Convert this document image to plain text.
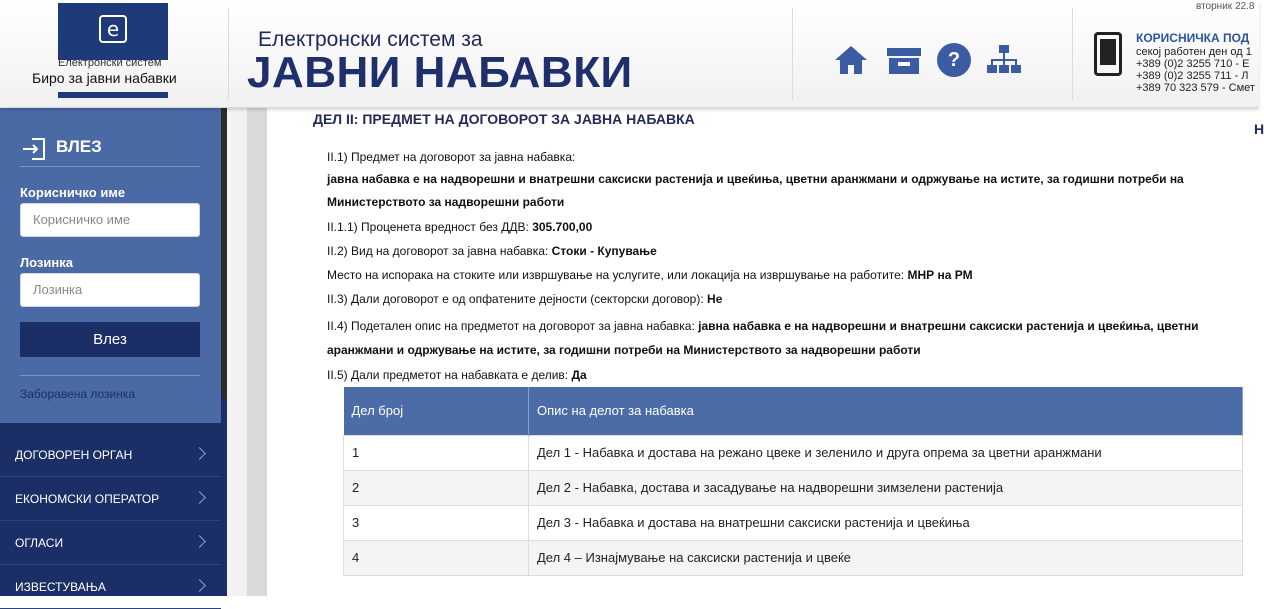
e
Електронски систем
Биро за јавни набавки
Електронски систем за
ЈАВНИ НАБАВКИ	?
вторник 22.8
КОРИСНИЧКА ПОД
секој работен ден од 1
+389 (0)2 3255 710 - Е
+389 (0)2 3255 711 - Л
+389 70 323 579 - Смет
ВЛЕЗ
Корисничко име
Корисничко име
Лозинка
Лозинка
Влез
Заборавена лозинка
ДОГОВОРЕН ОРГАН
ЕКОНОМСКИ ОПЕРАТОР
ОГЛАСИ
ИЗВЕСТУВАЊА
ДЕЛ II: ПРЕДМЕТ НА ДОГОВОРОТ ЗА ЈАВНА НАБАВКА
Н
II.1) Предмет на договорот за јавна набавка:
јавна набавка е на надворешни и внатрешни саксиски растенија и цвеќиња, цветни аранжмани и одржување на истите, за годишни потреби на
Министерството за надворешни работи
II.1.1) Проценета вредност без ДДВ: 305.700,00
II.2) Вид на договорот за јавна набавка: Стоки - Купување
Место на испорака на стоките или извршување на услугите, или локација на извршување на работите: МНР на РМ
II.3) Дали договорот е од опфатените дејности (секторски договор): Не
II.4) Подетален опис на предметот на договорот за јавна набавка: јавна набавка е на надворешни и внатрешни саксиски растенија и цвеќиња, цветни
аранжмани и одржување на истите, за годишни потреби на Министерството за надворешни работи
II.5) Дали предметот на набавката е делив: Да
Дел број	Опис на делот за набавка
1	Дел 1 - Набавка и достава на режано цвеке и зеленило и друга опрема за цветни аранжмани
2	Дел 2 - Набавка, достава и засадување на надворешни зимзелени растенија
3	Дел 3 - Набавка и достава на внатрешни саксиски растенија и цвеќиња
4	Дел 4 – Изнајмување на саксиски растенија и цвеќе
